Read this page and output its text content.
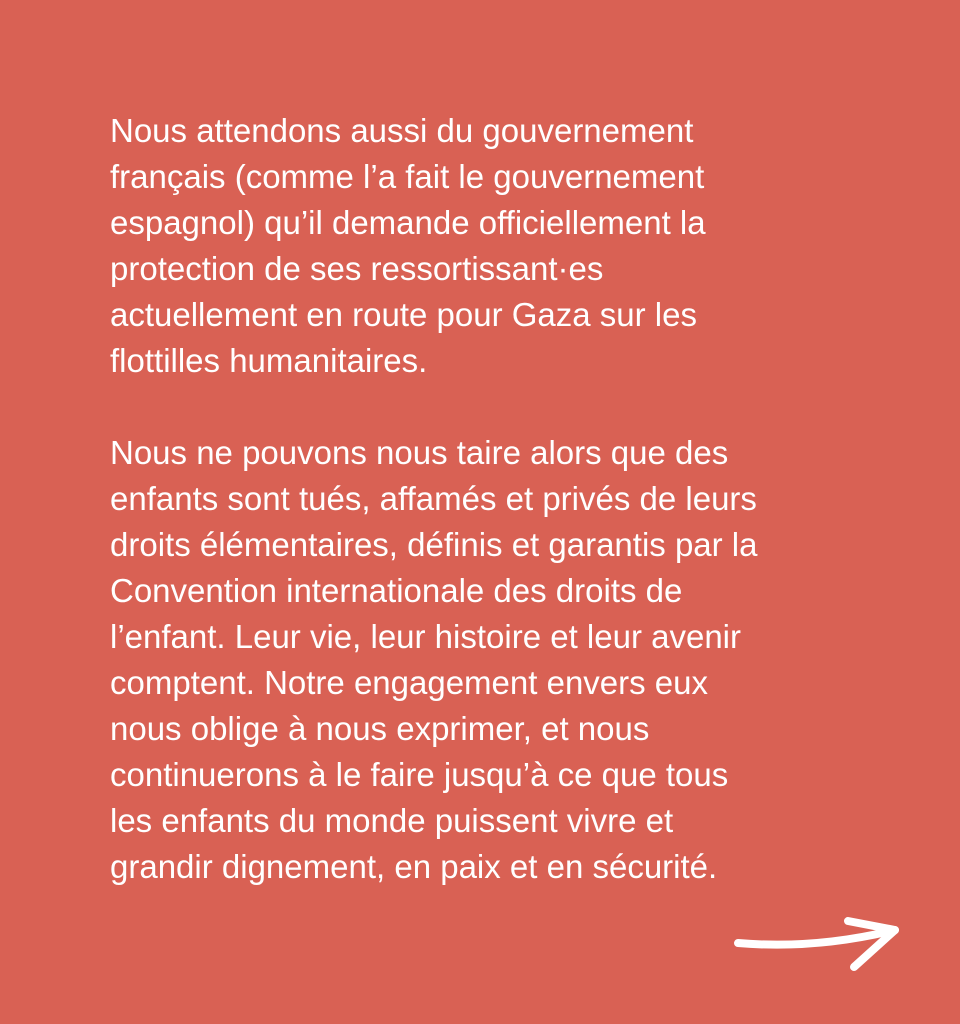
Nous attendons aussi du gouvernement
français (comme l’a fait le gouvernement
espagnol) qu’il demande officiellement la
protection de ses ressortissant·es
actuellement en route pour Gaza sur les
flottilles humanitaires.

Nous ne pouvons nous taire alors que des
enfants sont tués, affamés et privés de leurs
droits élémentaires, définis et garantis par la
Convention internationale des droits de
l’enfant. Leur vie, leur histoire et leur avenir
comptent. Notre engagement envers eux
nous oblige à nous exprimer, et nous
continuerons à le faire jusqu’à ce que tous
les enfants du monde puissent vivre et
grandir dignement, en paix et en sécurité.
